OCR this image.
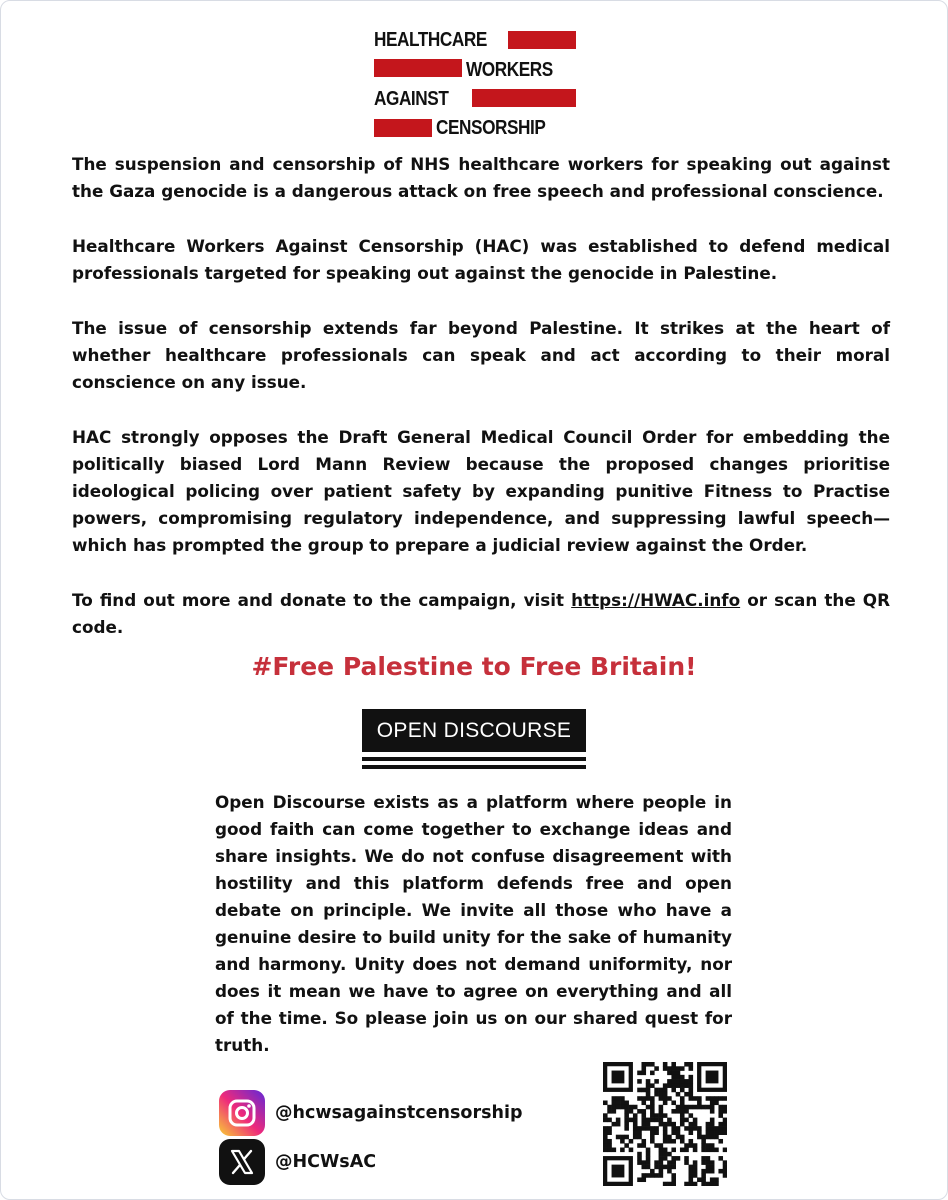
HEALTHCARE
WORKERS
AGAINST
CENSORSHIP

The suspension and censorship of NHS healthcare workers for speaking out against the Gaza genocide is a dangerous attack on free speech and professional conscience.

Healthcare Workers Against Censorship (HAC) was established to defend medical professionals targeted for speaking out against the genocide in Palestine.

The issue of censorship extends far beyond Palestine. It strikes at the heart of whether healthcare professionals can speak and act according to their moral conscience on any issue.

HAC strongly opposes the Draft General Medical Council Order for embedding the politically biased Lord Mann Review because the proposed changes prioritise ideological policing over patient safety by expanding punitive Fitness to Practise powers, compromising regulatory independence, and suppressing lawful speech—which has prompted the group to prepare a judicial review against the Order.

To find out more and donate to the campaign, visit https://HWAC.info or scan the QR code.

#Free Palestine to Free Britain!

OPEN DISCOURSE

Open Discourse exists as a platform where people in good faith can come together to exchange ideas and share insights. We do not confuse disagreement with hostility and this platform defends free and open debate on principle. We invite all those who have a genuine desire to build unity for the sake of humanity and harmony. Unity does not demand uniformity, nor does it mean we have to agree on everything and all of the time. So please join us on our shared quest for truth.

@hcwsagainstcensorship
@HCWsAC
